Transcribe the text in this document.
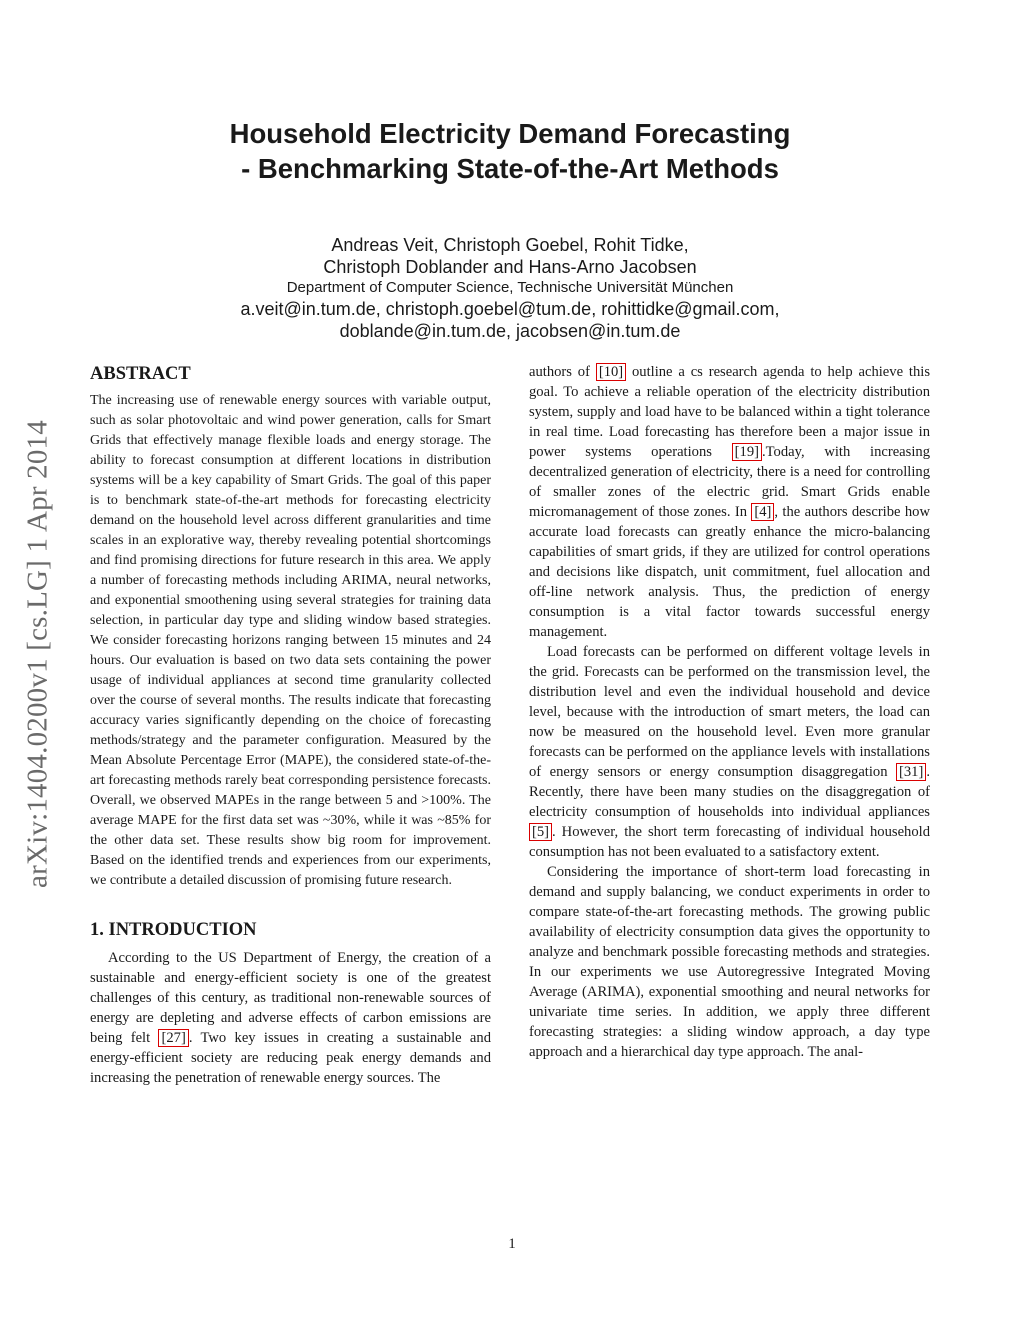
arXiv:1404.0200v1 [cs.LG] 1 Apr 2014
Household Electricity Demand Forecasting
- Benchmarking State-of-the-Art Methods
Andreas Veit, Christoph Goebel, Rohit Tidke,
Christoph Doblander and Hans-Arno Jacobsen
Department of Computer Science, Technische Universität München
a.veit@in.tum.de, christoph.goebel@tum.de, rohittidke@gmail.com,
doblande@in.tum.de, jacobsen@in.tum.de
ABSTRACT

The increasing use of renewable energy sources with variable output, such as solar photovoltaic and wind power generation, calls for Smart Grids that effectively manage flexible loads and energy storage. The ability to forecast consumption at different locations in distribution systems will be a key capability of Smart Grids. The goal of this paper is to benchmark state-of-the-art methods for forecasting electricity demand on the household level across different granularities and time scales in an explorative way, thereby revealing potential shortcomings and find promising directions for future research in this area. We apply a number of forecasting methods including ARIMA, neural networks, and exponential smoothening using several strategies for training data selection, in particular day type and sliding window based strategies. We consider forecasting horizons ranging between 15 minutes and 24 hours. Our evaluation is based on two data sets containing the power usage of individual appliances at second time granularity collected over the course of several months. The results indicate that forecasting accuracy varies significantly depending on the choice of forecasting methods/strategy and the parameter configuration. Measured by the Mean Absolute Percentage Error (MAPE), the considered state-of-the-art forecasting methods rarely beat corresponding persistence forecasts. Overall, we observed MAPEs in the range between 5 and >100%. The average MAPE for the first data set was ~30%, while it was ~85% for the other data set. These results show big room for improvement. Based on the identified trends and experiences from our experiments, we contribute a detailed discussion of promising future research.

1. INTRODUCTION

According to the US Department of Energy, the creation of a sustainable and energy-efficient society is one of the greatest challenges of this century, as traditional non-renewable sources of energy are depleting and adverse effects of carbon emissions are being felt [27] . Two key issues in creating a sustainable and energy-efficient society are reducing peak energy demands and increasing the penetration of renewable energy sources. The

authors of [10] outline a cs research agenda to help achieve this goal. To achieve a reliable operation of the electricity distribution system, supply and load have to be balanced within a tight tolerance in real time. Load forecasting has therefore been a major issue in power systems operations [19] .Today, with increasing decentralized generation of electricity, there is a need for controlling of smaller zones of the electric grid. Smart Grids enable micromanagement of those zones. In [4] , the authors describe how accurate load forecasts can greatly enhance the micro-balancing capabilities of smart grids, if they are utilized for control operations and decisions like dispatch, unit commitment, fuel allocation and off-line network analysis. Thus, the prediction of energy consumption is a vital factor towards successful energy management.

Load forecasts can be performed on different voltage levels in the grid. Forecasts can be performed on the transmission level, the distribution level and even the individual household and device level, because with the introduction of smart meters, the load can now be measured on the household level. Even more granular forecasts can be performed on the appliance levels with installations of energy sensors or energy consumption disaggregation [31] . Recently, there have been many studies on the disaggregation of electricity consumption of households into individual appliances [5] . However, the short term forecasting of individual household consumption has not been evaluated to a satisfactory extent.

Considering the importance of short-term load forecasting in demand and supply balancing, we conduct experiments in order to compare state-of-the-art forecasting methods. The growing public availability of electricity consumption data gives the opportunity to analyze and benchmark possible forecasting methods and strategies. In our experiments we use Autoregressive Integrated Moving Average (ARIMA), exponential smoothing and neural networks for univariate time series. In addition, we apply three different forecasting strategies: a sliding window approach, a day type approach and a hierarchical day type approach. The anal-

1
